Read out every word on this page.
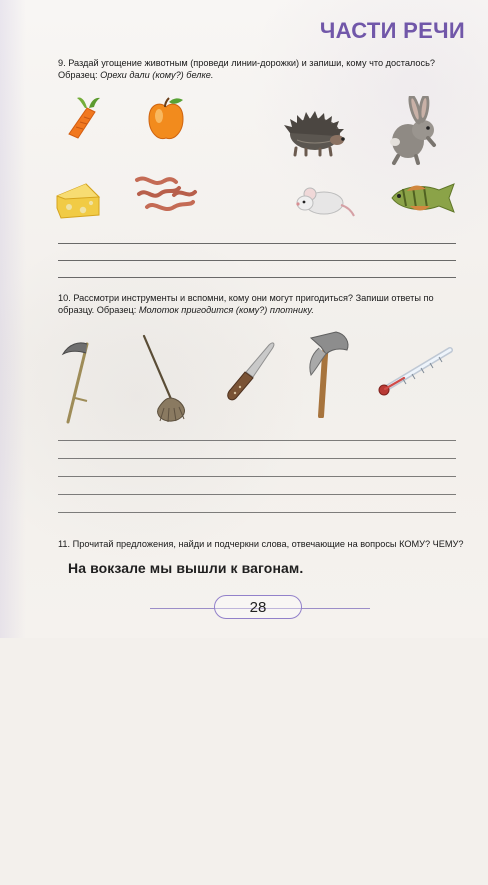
ЧАСТИ РЕЧИ
9. Раздай угощение животным (проведи линии-дорожки) и запиши, кому что досталось?
Образец: Орехи дали (кому?) белке.
10. Рассмотри инструменты и вспомни, кому они могут пригодиться? Запиши ответы по
образцу. Образец: Молоток пригодится (кому?) плотнику.
11. Прочитай предложения, найди и подчеркни слова, отвечающие на вопросы КОМУ? ЧЕМУ?
На вокзале мы вышли к вагонам.
28
